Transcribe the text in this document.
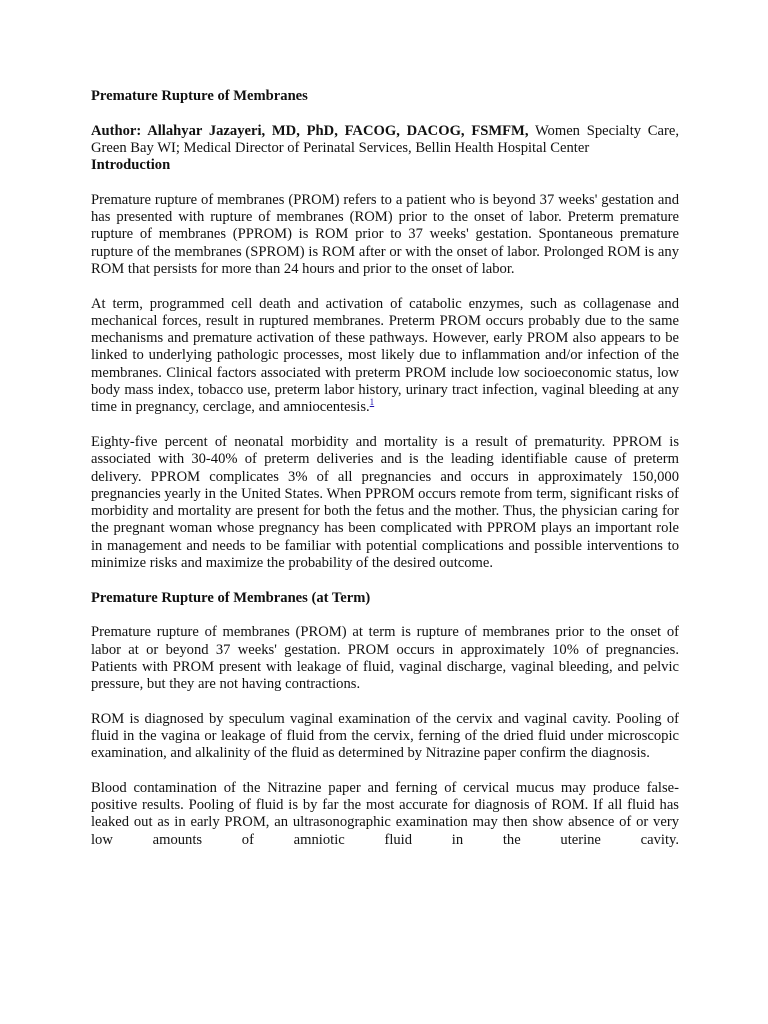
Premature Rupture of Membranes
Author: Allahyar Jazayeri, MD, PhD, FACOG, DACOG, FSMFM, Women Specialty Care, Green Bay WI; Medical Director of Perinatal Services, Bellin Health Hospital Center
Introduction

Premature rupture of membranes (PROM) refers to a patient who is beyond 37 weeks' gestation and has presented with rupture of membranes (ROM) prior to the onset of labor. Preterm premature rupture of membranes (PPROM) is ROM prior to 37 weeks' gestation. Spontaneous premature rupture of the membranes (SPROM) is ROM after or with the onset of labor. Prolonged ROM is any ROM that persists for more than 24 hours and prior to the onset of labor.

At term, programmed cell death and activation of catabolic enzymes, such as collagenase and mechanical forces, result in ruptured membranes. Preterm PROM occurs probably due to the same mechanisms and premature activation of these pathways. However, early PROM also appears to be linked to underlying pathologic processes, most likely due to inflammation and/or infection of the membranes. Clinical factors associated with preterm PROM include low socioeconomic status, low body mass index, tobacco use, preterm labor history, urinary tract infection, vaginal bleeding at any time in pregnancy, cerclage, and amniocentesis.$^1$

Eighty-five percent of neonatal morbidity and mortality is a result of prematurity. PPROM is associated with 30-40% of preterm deliveries and is the leading identifiable cause of preterm delivery. PPROM complicates 3% of all pregnancies and occurs in approximately 150,000 pregnancies yearly in the United States. When PPROM occurs remote from term, significant risks of morbidity and mortality are present for both the fetus and the mother. Thus, the physician caring for the pregnant woman whose pregnancy has been complicated with PPROM plays an important role in management and needs to be familiar with potential complications and possible interventions to minimize risks and maximize the probability of the desired outcome.

Premature Rupture of Membranes (at Term)

Premature rupture of membranes (PROM) at term is rupture of membranes prior to the onset of labor at or beyond 37 weeks' gestation. PROM occurs in approximately 10% of pregnancies. Patients with PROM present with leakage of fluid, vaginal discharge, vaginal bleeding, and pelvic pressure, but they are not having contractions.

ROM is diagnosed by speculum vaginal examination of the cervix and vaginal cavity. Pooling of fluid in the vagina or leakage of fluid from the cervix, ferning of the dried fluid under microscopic examination, and alkalinity of the fluid as determined by Nitrazine paper confirm the diagnosis.

Blood contamination of the Nitrazine paper and ferning of cervical mucus may produce false-positive results. Pooling of fluid is by far the most accurate for diagnosis of ROM. If all fluid has leaked out as in early PROM, an ultrasonographic examination may then show absence of or very low amounts of amniotic fluid in the uterine cavity.
